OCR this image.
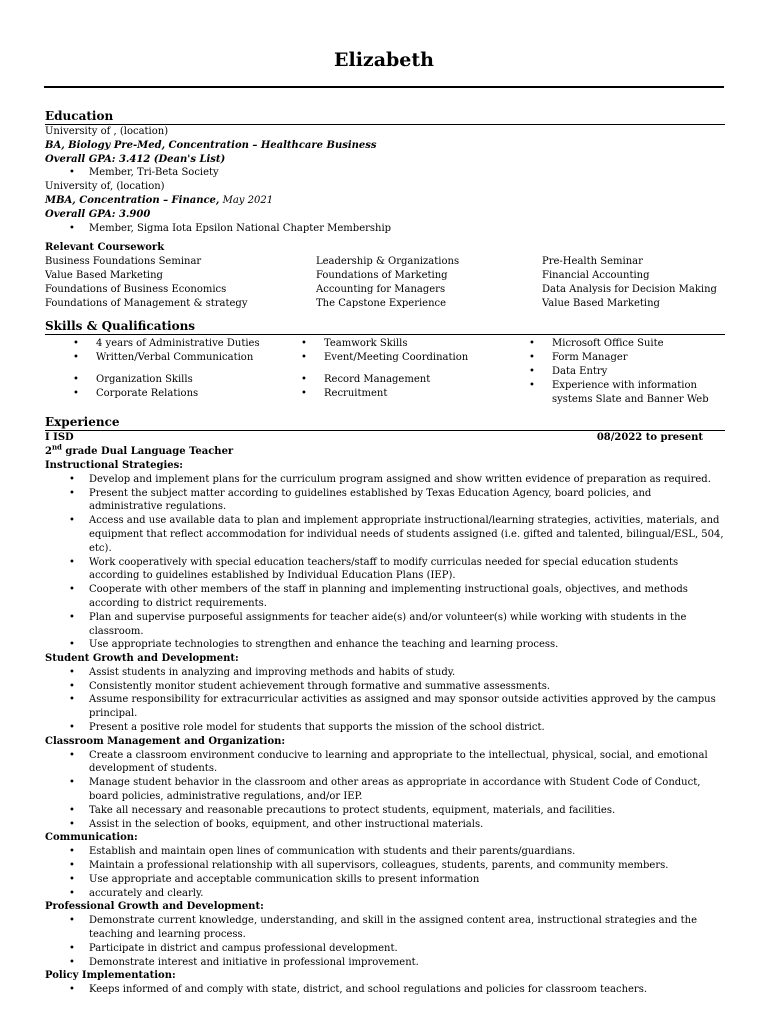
Elizabeth
Education
University of , (location)
BA, Biology Pre-Med, Concentration – Healthcare Business
Overall GPA: 3.412 (Dean's List)
• Member, Tri-Beta Society
University of, (location)
MBA, Concentration – Finance, May 2021
Overall GPA: 3.900
• Member, Sigma Iota Epsilon National Chapter Membership
Relevant Coursework
Business Foundations Seminar
Value Based Marketing
Foundations of Business Economics
Foundations of Management & strategy
Leadership & Organizations
Foundations of Marketing
Accounting for Managers
The Capstone Experience
Pre-Health Seminar
Financial Accounting
Data Analysis for Decision Making
Value Based Marketing
Skills & Qualifications
• 4 years of Administrative Duties
• Written/Verbal Communication
• Organization Skills
• Corporate Relations
• Teamwork Skills
• Event/Meeting Coordination
• Record Management
• Recruitment
• Microsoft Office Suite
• Form Manager
• Data Entry
• Experience with information systems Slate and Banner Web
Experience
I ISD	08/2022 to present
2nd grade Dual Language Teacher
Instructional Strategies:
• Develop and implement plans for the curriculum program assigned and show written evidence of preparation as required.
• Present the subject matter according to guidelines established by Texas Education Agency, board policies, and administrative regulations.
• Access and use available data to plan and implement appropriate instructional/learning strategies, activities, materials, and equipment that reflect accommodation for individual needs of students assigned (i.e. gifted and talented, bilingual/ESL, 504, etc).
• Work cooperatively with special education teachers/staff to modify curriculas needed for special education students according to guidelines established by Individual Education Plans (IEP).
• Cooperate with other members of the staff in planning and implementing instructional goals, objectives, and methods according to district requirements.
• Plan and supervise purposeful assignments for teacher aide(s) and/or volunteer(s) while working with students in the classroom.
• Use appropriate technologies to strengthen and enhance the teaching and learning process.
Student Growth and Development:
• Assist students in analyzing and improving methods and habits of study.
• Consistently monitor student achievement through formative and summative assessments.
• Assume responsibility for extracurricular activities as assigned and may sponsor outside activities approved by the campus principal.
• Present a positive role model for students that supports the mission of the school district.
Classroom Management and Organization:
• Create a classroom environment conducive to learning and appropriate to the intellectual, physical, social, and emotional development of students.
• Manage student behavior in the classroom and other areas as appropriate in accordance with Student Code of Conduct, board policies, administrative regulations, and/or IEP.
• Take all necessary and reasonable precautions to protect students, equipment, materials, and facilities.
• Assist in the selection of books, equipment, and other instructional materials.
Communication:
• Establish and maintain open lines of communication with students and their parents/guardians.
• Maintain a professional relationship with all supervisors, colleagues, students, parents, and community members.
• Use appropriate and acceptable communication skills to present information
• accurately and clearly.
Professional Growth and Development:
• Demonstrate current knowledge, understanding, and skill in the assigned content area, instructional strategies and the teaching and learning process.
• Participate in district and campus professional development.
• Demonstrate interest and initiative in professional improvement.
Policy Implementation:
• Keeps informed of and comply with state, district, and school regulations and policies for classroom teachers.
